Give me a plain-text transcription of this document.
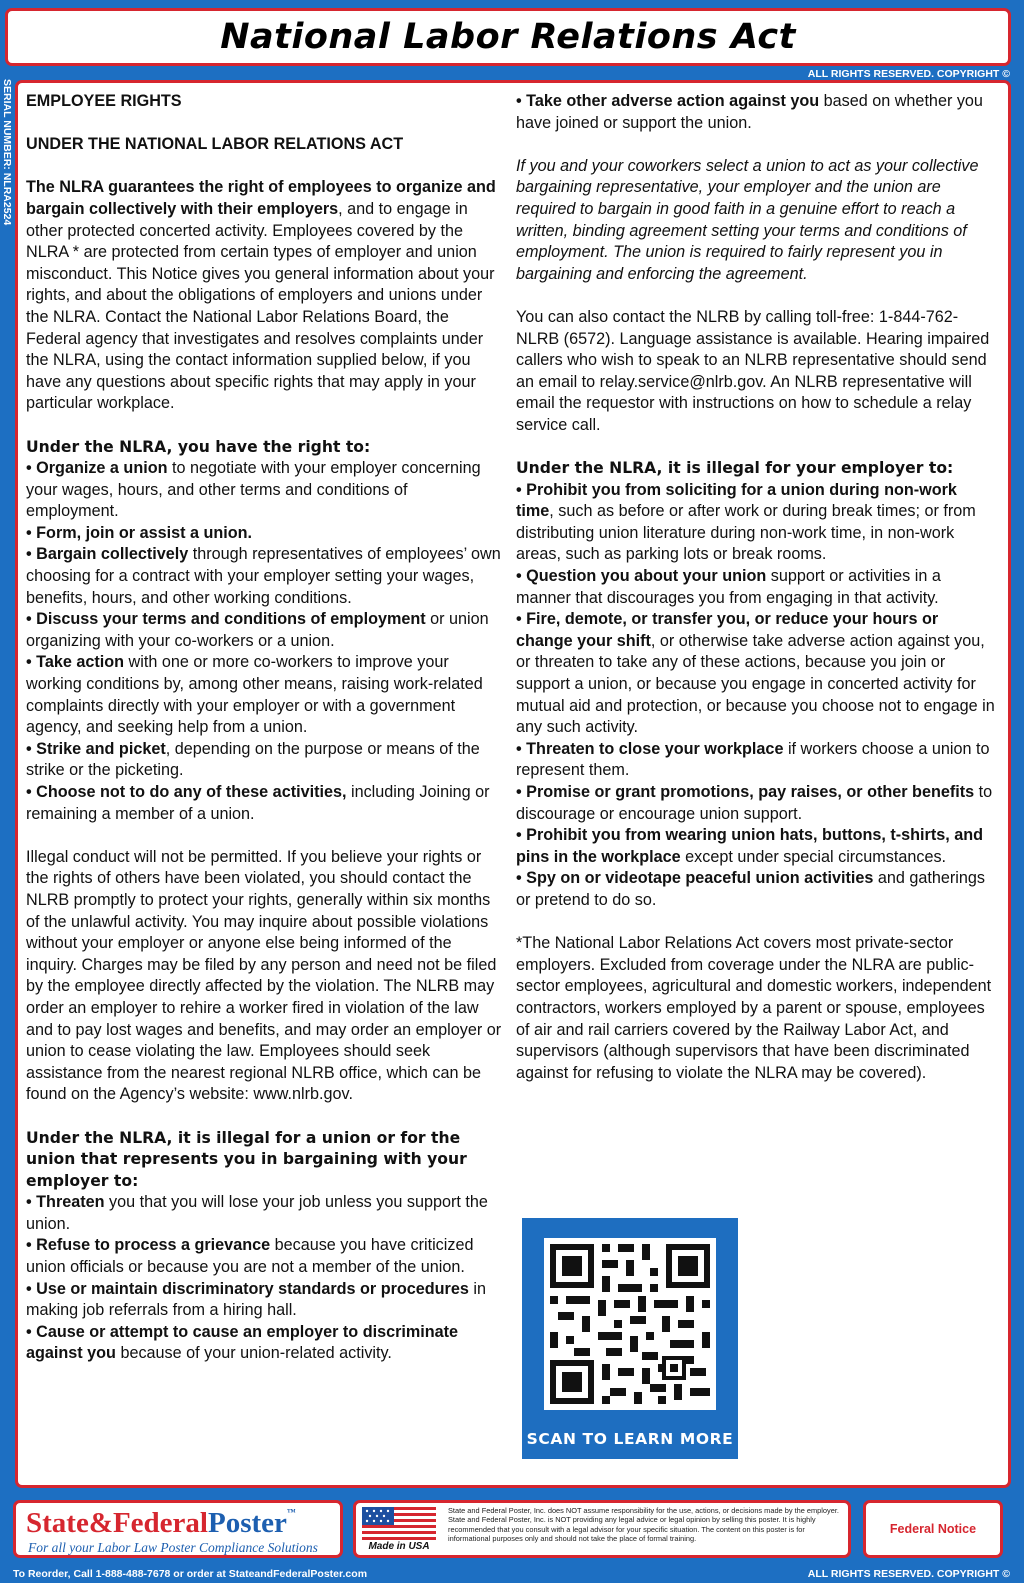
National Labor Relations Act
ALL RIGHTS RESERVED. COPYRIGHT ©
SERIAL NUMBER: NLRA2524 EMPLOYEE RIGHTS

UNDER THE NATIONAL LABOR RELATIONS ACT

The NLRA guarantees the right of employees to organize and bargain collectively with their employers, and to engage in other protected concerted activity. Employees covered by the NLRA * are protected from certain types of employer and union misconduct. This Notice gives you general information about your rights, and about the obligations of employers and unions under the NLRA. Contact the National Labor Relations Board, the Federal agency that investigates and resolves complaints under the NLRA, using the contact information supplied below, if you have any questions about specific rights that may apply in your particular workplace.

Under the NLRA, you have the right to:
• Organize a union to negotiate with your employer concerning your wages, hours, and other terms and conditions of employment.
• Form, join or assist a union.
• Bargain collectively through representatives of employees’ own choosing for a contract with your employer setting your wages, benefits, hours, and other working conditions.
• Discuss your terms and conditions of employment or union organizing with your co-workers or a union.
• Take action with one or more co-workers to improve your working conditions by, among other means, raising work-related complaints directly with your employer or with a government agency, and seeking help from a union.
• Strike and picket, depending on the purpose or means of the strike or the picketing.
• Choose not to do any of these activities, including Joining or remaining a member of a union.

Illegal conduct will not be permitted. If you believe your rights or the rights of others have been violated, you should contact the NLRB promptly to protect your rights, generally within six months of the unlawful activity. You may inquire about possible violations without your employer or anyone else being informed of the inquiry. Charges may be filed by any person and need not be filed by the employee directly affected by the violation. The NLRB may order an employer to rehire a worker fired in violation of the law and to pay lost wages and benefits, and may order an employer or union to cease violating the law. Employees should seek assistance from the nearest regional NLRB office, which can be found on the Agency’s website: www.nlrb.gov.

Under the NLRA, it is illegal for a union or for the union that represents you in bargaining with your employer to:
• Threaten you that you will lose your job unless you support the union.
• Refuse to process a grievance because you have criticized union officials or because you are not a member of the union.
• Use or maintain discriminatory standards or procedures in making job referrals from a hiring hall.
• Cause or attempt to cause an employer to discriminate against you because of your union-related activity.

• Take other adverse action against you based on whether you have joined or support the union.

If you and your coworkers select a union to act as your collective bargaining representative, your employer and the union are required to bargain in good faith in a genuine effort to reach a written, binding agreement setting your terms and conditions of employment. The union is required to fairly represent you in bargaining and enforcing the agreement.

You can also contact the NLRB by calling toll-free: 1-844-762-NLRB (6572). Language assistance is available. Hearing impaired callers who wish to speak to an NLRB representative should send an email to relay.service@nlrb.gov. An NLRB representative will email the requestor with instructions on how to schedule a relay service call.

Under the NLRA, it is illegal for your employer to:
• Prohibit you from soliciting for a union during non-work time, such as before or after work or during break times; or from distributing union literature during non-work time, in non-work areas, such as parking lots or break rooms.
• Question you about your union support or activities in a manner that discourages you from engaging in that activity.
• Fire, demote, or transfer you, or reduce your hours or change your shift, or otherwise take adverse action against you, or threaten to take any of these actions, because you join or support a union, or because you engage in concerted activity for mutual aid and protection, or because you choose not to engage in any such activity.
• Threaten to close your workplace if workers choose a union to represent them.
• Promise or grant promotions, pay raises, or other benefits to discourage or encourage union support.
• Prohibit you from wearing union hats, buttons, t-shirts, and pins in the workplace except under special circumstances.
• Spy on or videotape peaceful union activities and gatherings or pretend to do so.

*The National Labor Relations Act covers most private-sector employers. Excluded from coverage under the NLRA are public-sector employees, agricultural and domestic workers, independent contractors, workers employed by a parent or spouse, employees of air and rail carriers covered by the Railway Labor Act, and supervisors (although supervisors that have been discriminated against for refusing to violate the NLRA may be covered).

SCAN TO LEARN MORE
State&FederalPoster™
For all your Labor Law Poster Compliance Solutions	Made in USA
State and Federal Poster, Inc. does NOT assume responsibility for the use, actions, or decisions made by the employer. State and Federal Poster, Inc. is NOT providing any legal advice or legal opinion by selling this poster. It is highly recommended that you consult with a legal advisor for your specific situation. The content on this poster is for informational purposes only and should not take the place of formal training.
Federal Notice
To Reorder, Call 1-888-488-7678 or order at StateandFederalPoster.com	ALL RIGHTS RESERVED. COPYRIGHT ©
